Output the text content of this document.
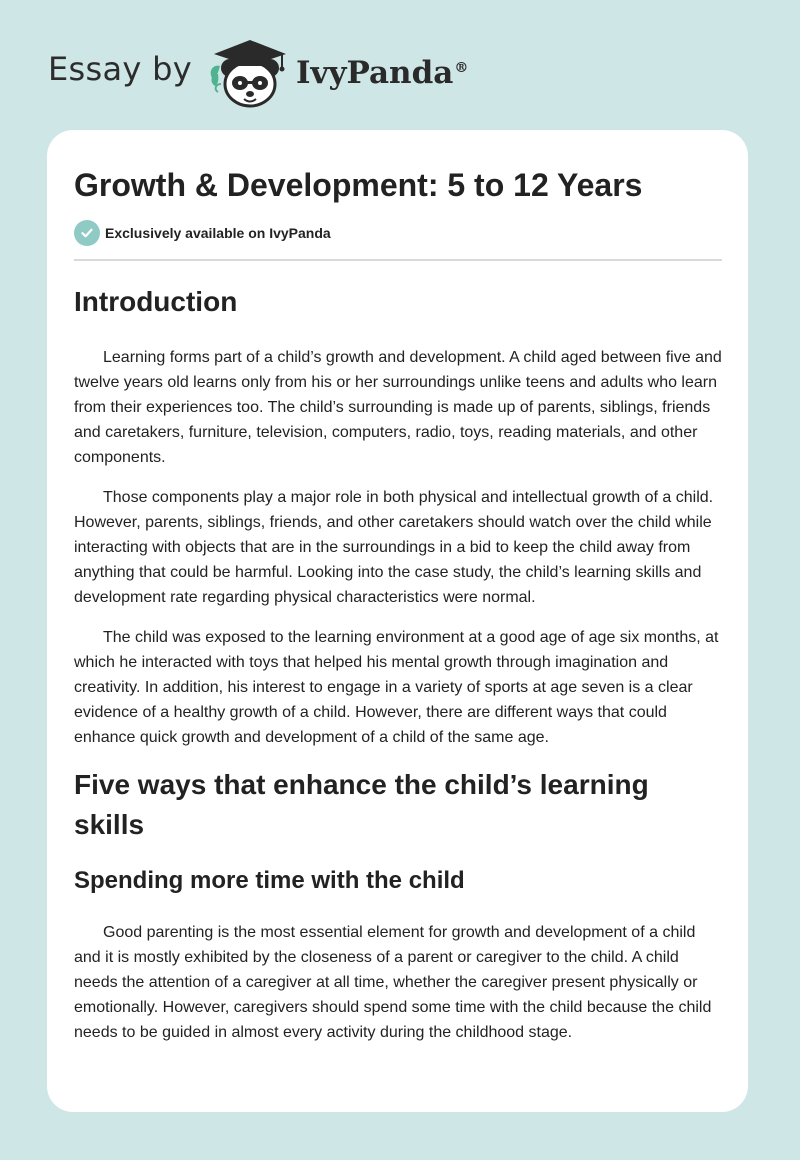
Essay by	IvyPanda®
Growth & Development: 5 to 12 Years
Exclusively available on IvyPanda
Introduction

Learning forms part of a child’s growth and development. A child aged between five and twelve years old learns only from his or her surroundings unlike teens and adults who learn from their experiences too. The child’s surrounding is made up of parents, siblings, friends and caretakers, furniture, television, computers, radio, toys, reading materials, and other components.

Those components play a major role in both physical and intellectual growth of a child. However, parents, siblings, friends, and other caretakers should watch over the child while interacting with objects that are in the surroundings in a bid to keep the child away from anything that could be harmful. Looking into the case study, the child’s learning skills and development rate regarding physical characteristics were normal.

The child was exposed to the learning environment at a good age of age six months, at which he interacted with toys that helped his mental growth through imagination and creativity. In addition, his interest to engage in a variety of sports at age seven is a clear evidence of a healthy growth of a child. However, there are different ways that could enhance quick growth and development of a child of the same age.

Five ways that enhance the child’s learning skills
Spending more time with the child

Good parenting is the most essential element for growth and development of a child and it is mostly exhibited by the closeness of a parent or caregiver to the child. A child needs the attention of a caregiver at all time, whether the caregiver present physically or emotionally. However, caregivers should spend some time with the child because the child needs to be guided in almost every activity during the childhood stage.
